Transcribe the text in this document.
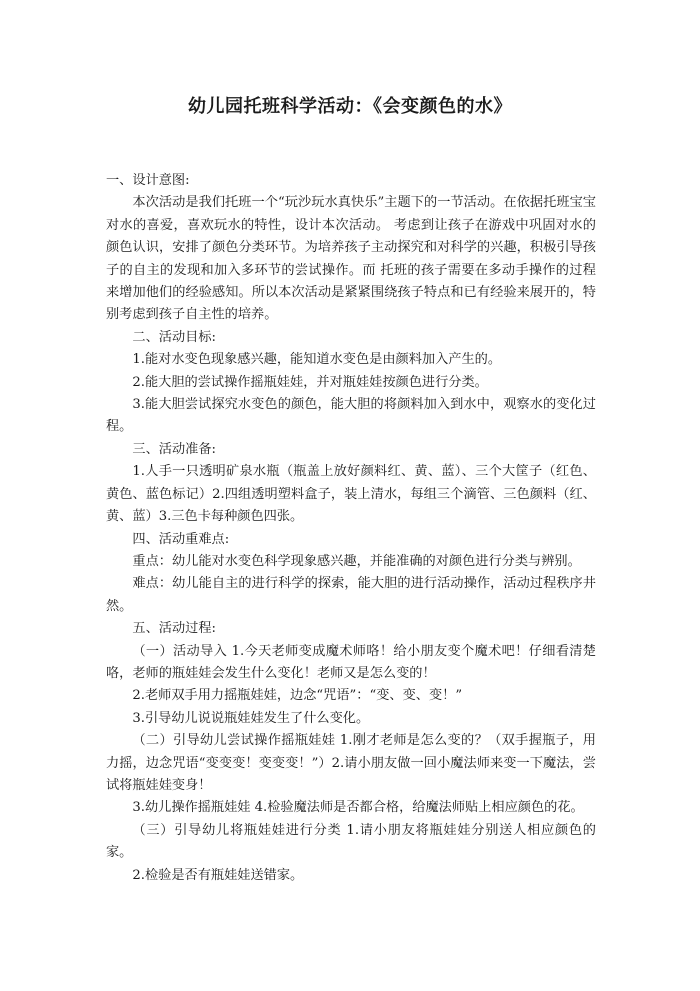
幼儿园托班科学活动：《会变颜色的水》

一、设计意图:

本次活动是我们托班一个“玩沙玩水真快乐”主题下的一节活动。在依据托班宝宝对水的喜爱，喜欢玩水的特性，设计本次活动。 考虑到让孩子在游戏中巩固对水的颜色认识，安排了颜色分类环节。为培养孩子主动探究和对科学的兴趣，积极引导孩子的自主的发现和加入多环节的尝试操作。而 托班的孩子需要在多动手操作的过程来增加他们的经验感知。所以本次活动是紧紧围绕孩子特点和已有经验来展开的，特别考虑到孩子自主性的培养。

二、活动目标:

1.能对水变色现象感兴趣，能知道水变色是由颜料加入产生的。

2.能大胆的尝试操作摇瓶娃娃，并对瓶娃娃按颜色进行分类。

3.能大胆尝试探究水变色的颜色，能大胆的将颜料加入到水中，观察水的变化过程。

三、活动准备:

1.人手一只透明矿泉水瓶（瓶盖上放好颜料红、黄、蓝）、三个大筐子（红色、黄色、蓝色标记）2.四组透明塑料盒子，装上清水，每组三个滴管、三色颜料（红、黄、蓝）3.三色卡每种颜色四张。

四、活动重难点:

重点：幼儿能对水变色科学现象感兴趣，并能准确的对颜色进行分类与辨别。

难点：幼儿能自主的进行科学的探索，能大胆的进行活动操作，活动过程秩序井然。

五、活动过程:

（一）活动导入 1.今天老师变成魔术师咯！给小朋友变个魔术吧！仔细看清楚咯，老师的瓶娃娃会发生什么变化！老师又是怎么变的！

2.老师双手用力摇瓶娃娃，边念“咒语”：“变、变、变！”

3.引导幼儿说说瓶娃娃发生了什么变化。

（二）引导幼儿尝试操作摇瓶娃娃 1.刚才老师是怎么变的？（双手握瓶子，用力摇，边念咒语“变变变！变变变！”）2.请小朋友做一回小魔法师来变一下魔法，尝试将瓶娃娃变身！

3.幼儿操作摇瓶娃娃 4.检验魔法师是否都合格，给魔法师贴上相应颜色的花。

（三）引导幼儿将瓶娃娃进行分类 1.请小朋友将瓶娃娃分别送人相应颜色的家。

2.检验是否有瓶娃娃送错家。
